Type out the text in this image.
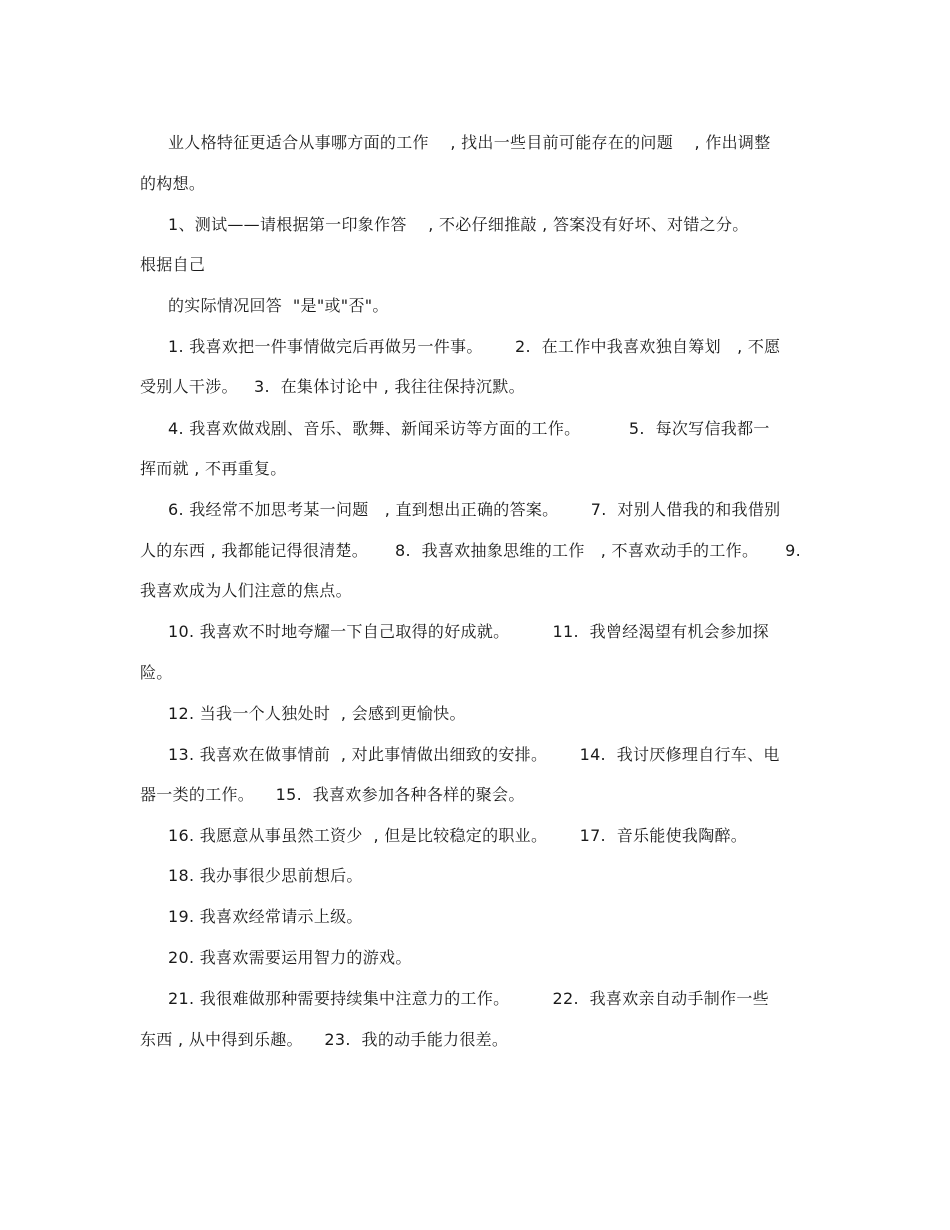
业人格特征更适合从事哪方面的工作    , 找出一些目前可能存在的问题    , 作出调整
的构想。
1、测试——请根据第一印象作答    , 不必仔细推敲 , 答案没有好坏、对错之分。
根据自己
的实际情况回答  "是"或"否"。
1. 我喜欢把一件事情做完后再做另一件事。      2.  在工作中我喜欢独自筹划   , 不愿
受别人干涉。   3.  在集体讨论中 , 我往往保持沉默。
4. 我喜欢做戏剧、音乐、歌舞、新闻采访等方面的工作。         5.  每次写信我都一
挥而就 , 不再重复。
6. 我经常不加思考某一问题   , 直到想出正确的答案。      7.  对别人借我的和我借别
人的东西 , 我都能记得很清楚。     8.  我喜欢抽象思维的工作   , 不喜欢动手的工作。     9.
我喜欢成为人们注意的焦点。
10. 我喜欢不时地夸耀一下自己取得的好成就。        11.  我曾经渴望有机会参加探
险。
12. 当我一个人独处时  , 会感到更愉快。
13. 我喜欢在做事情前  , 对此事情做出细致的安排。      14.  我讨厌修理自行车、电
器一类的工作。    15.  我喜欢参加各种各样的聚会。
16. 我愿意从事虽然工资少  , 但是比较稳定的职业。      17.  音乐能使我陶醉。
18. 我办事很少思前想后。
19. 我喜欢经常请示上级。
20. 我喜欢需要运用智力的游戏。
21. 我很难做那种需要持续集中注意力的工作。        22.  我喜欢亲自动手制作一些
东西 , 从中得到乐趣。    23.  我的动手能力很差。
